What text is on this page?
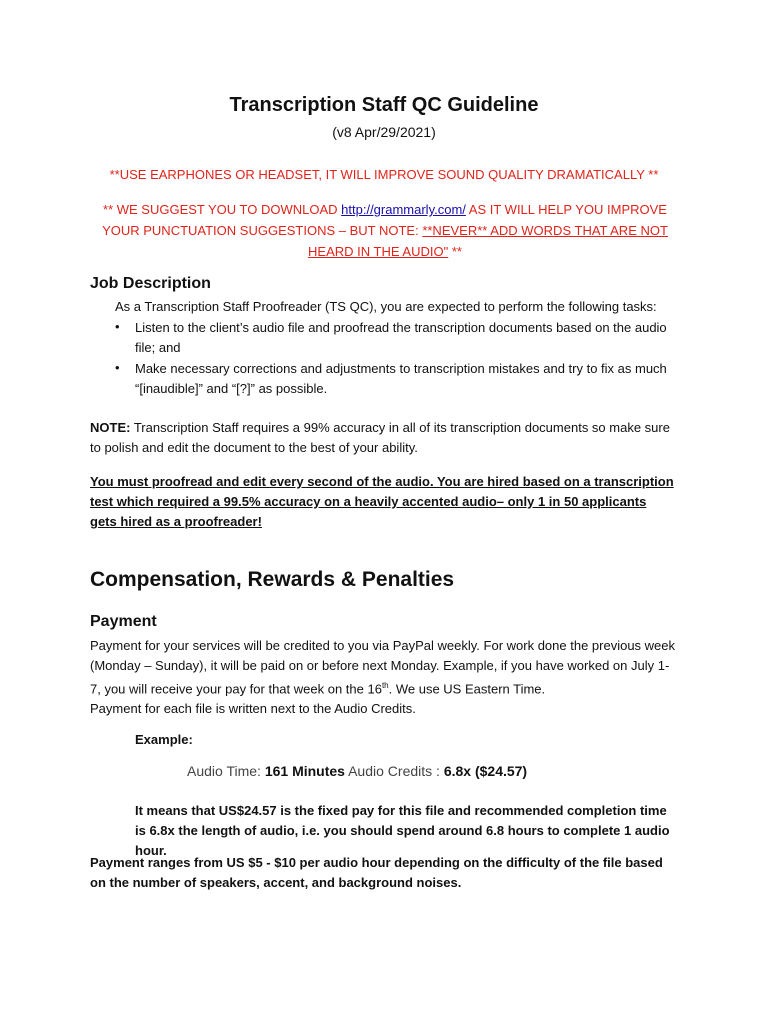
Transcription Staff QC Guideline
(v8 Apr/29/2021)
**USE EARPHONES OR HEADSET, IT WILL IMPROVE SOUND QUALITY DRAMATICALLY **
** WE SUGGEST YOU TO DOWNLOAD http://grammarly.com/ AS IT WILL HELP YOU IMPROVE YOUR PUNCTUATION SUGGESTIONS – BUT NOTE: **NEVER** ADD WORDS THAT ARE NOT HEARD IN THE AUDIO" **
Job Description
As a Transcription Staff Proofreader (TS QC), you are expected to perform the following tasks:
• Listen to the client’s audio file and proofread the transcription documents based on the audio file; and
• Make necessary corrections and adjustments to transcription mistakes and try to fix as much “[inaudible]” and “[?]” as possible.
NOTE: Transcription Staff requires a 99% accuracy in all of its transcription documents so make sure to polish and edit the document to the best of your ability.
You must proofread and edit every second of the audio. You are hired based on a transcription test which required a 99.5% accuracy on a heavily accented audio– only 1 in 50 applicants gets hired as a proofreader!
Compensation, Rewards & Penalties
Payment
Payment for your services will be credited to you via PayPal weekly. For work done the previous week (Monday – Sunday), it will be paid on or before next Monday. Example, if you have worked on July 1-7, you will receive your pay for that week on the 16th. We use US Eastern Time.
Payment for each file is written next to the Audio Credits.
Example:
Audio Time: 161 Minutes Audio Credits : 6.8x ($24.57)
It means that US$24.57 is the fixed pay for this file and recommended completion time is 6.8x the length of audio, i.e. you should spend around 6.8 hours to complete 1 audio hour.
Payment ranges from US $5 - $10 per audio hour depending on the difficulty of the file based on the number of speakers, accent, and background noises.
